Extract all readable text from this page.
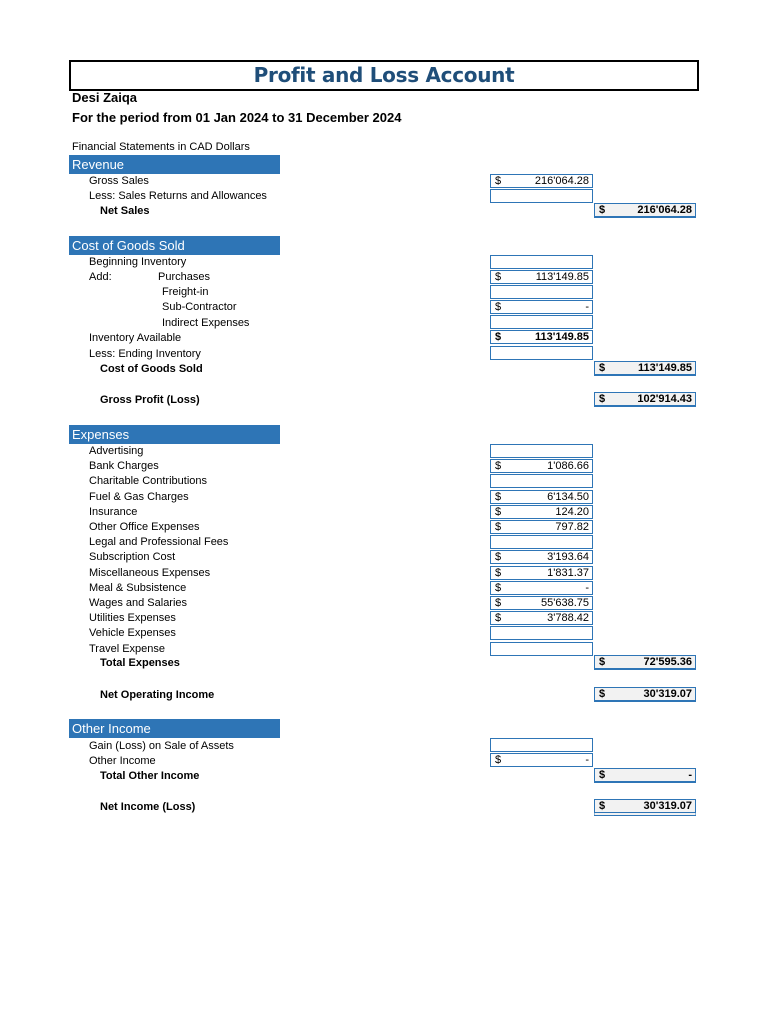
Profit and Loss Account
Desi Zaiqa
For the period from 01 Jan 2024 to 31 December 2024
Financial Statements in CAD Dollars
Revenue
Gross Sales	$	216'064.28
Less: Sales Returns and Allowances
Net Sales	$	216'064.28
Cost of Goods Sold
Beginning Inventory
Add:	Purchases	$	113'149.85
Freight-in
Sub-Contractor	$	-
Indirect Expenses
Inventory Available	$	113'149.85
Less: Ending Inventory
Cost of Goods Sold	$	113'149.85
Gross Profit (Loss)	$	102'914.43
Expenses
Advertising
Bank Charges	$	1'086.66
Charitable Contributions
Fuel & Gas Charges	$	6'134.50
Insurance	$	124.20
Other Office Expenses	$	797.82
Legal and Professional Fees
Subscription Cost	$	3'193.64
Miscellaneous Expenses	$	1'831.37
Meal & Subsistence	$	-
Wages and Salaries	$	55'638.75
Utilities Expenses	$	3'788.42
Vehicle Expenses
Travel Expense
Total Expenses	$	72'595.36
Net Operating Income	$	30'319.07
Other Income
Gain (Loss) on Sale of Assets
Other Income	$	-
Total Other Income	$	-
Net Income (Loss)	$	30'319.07
